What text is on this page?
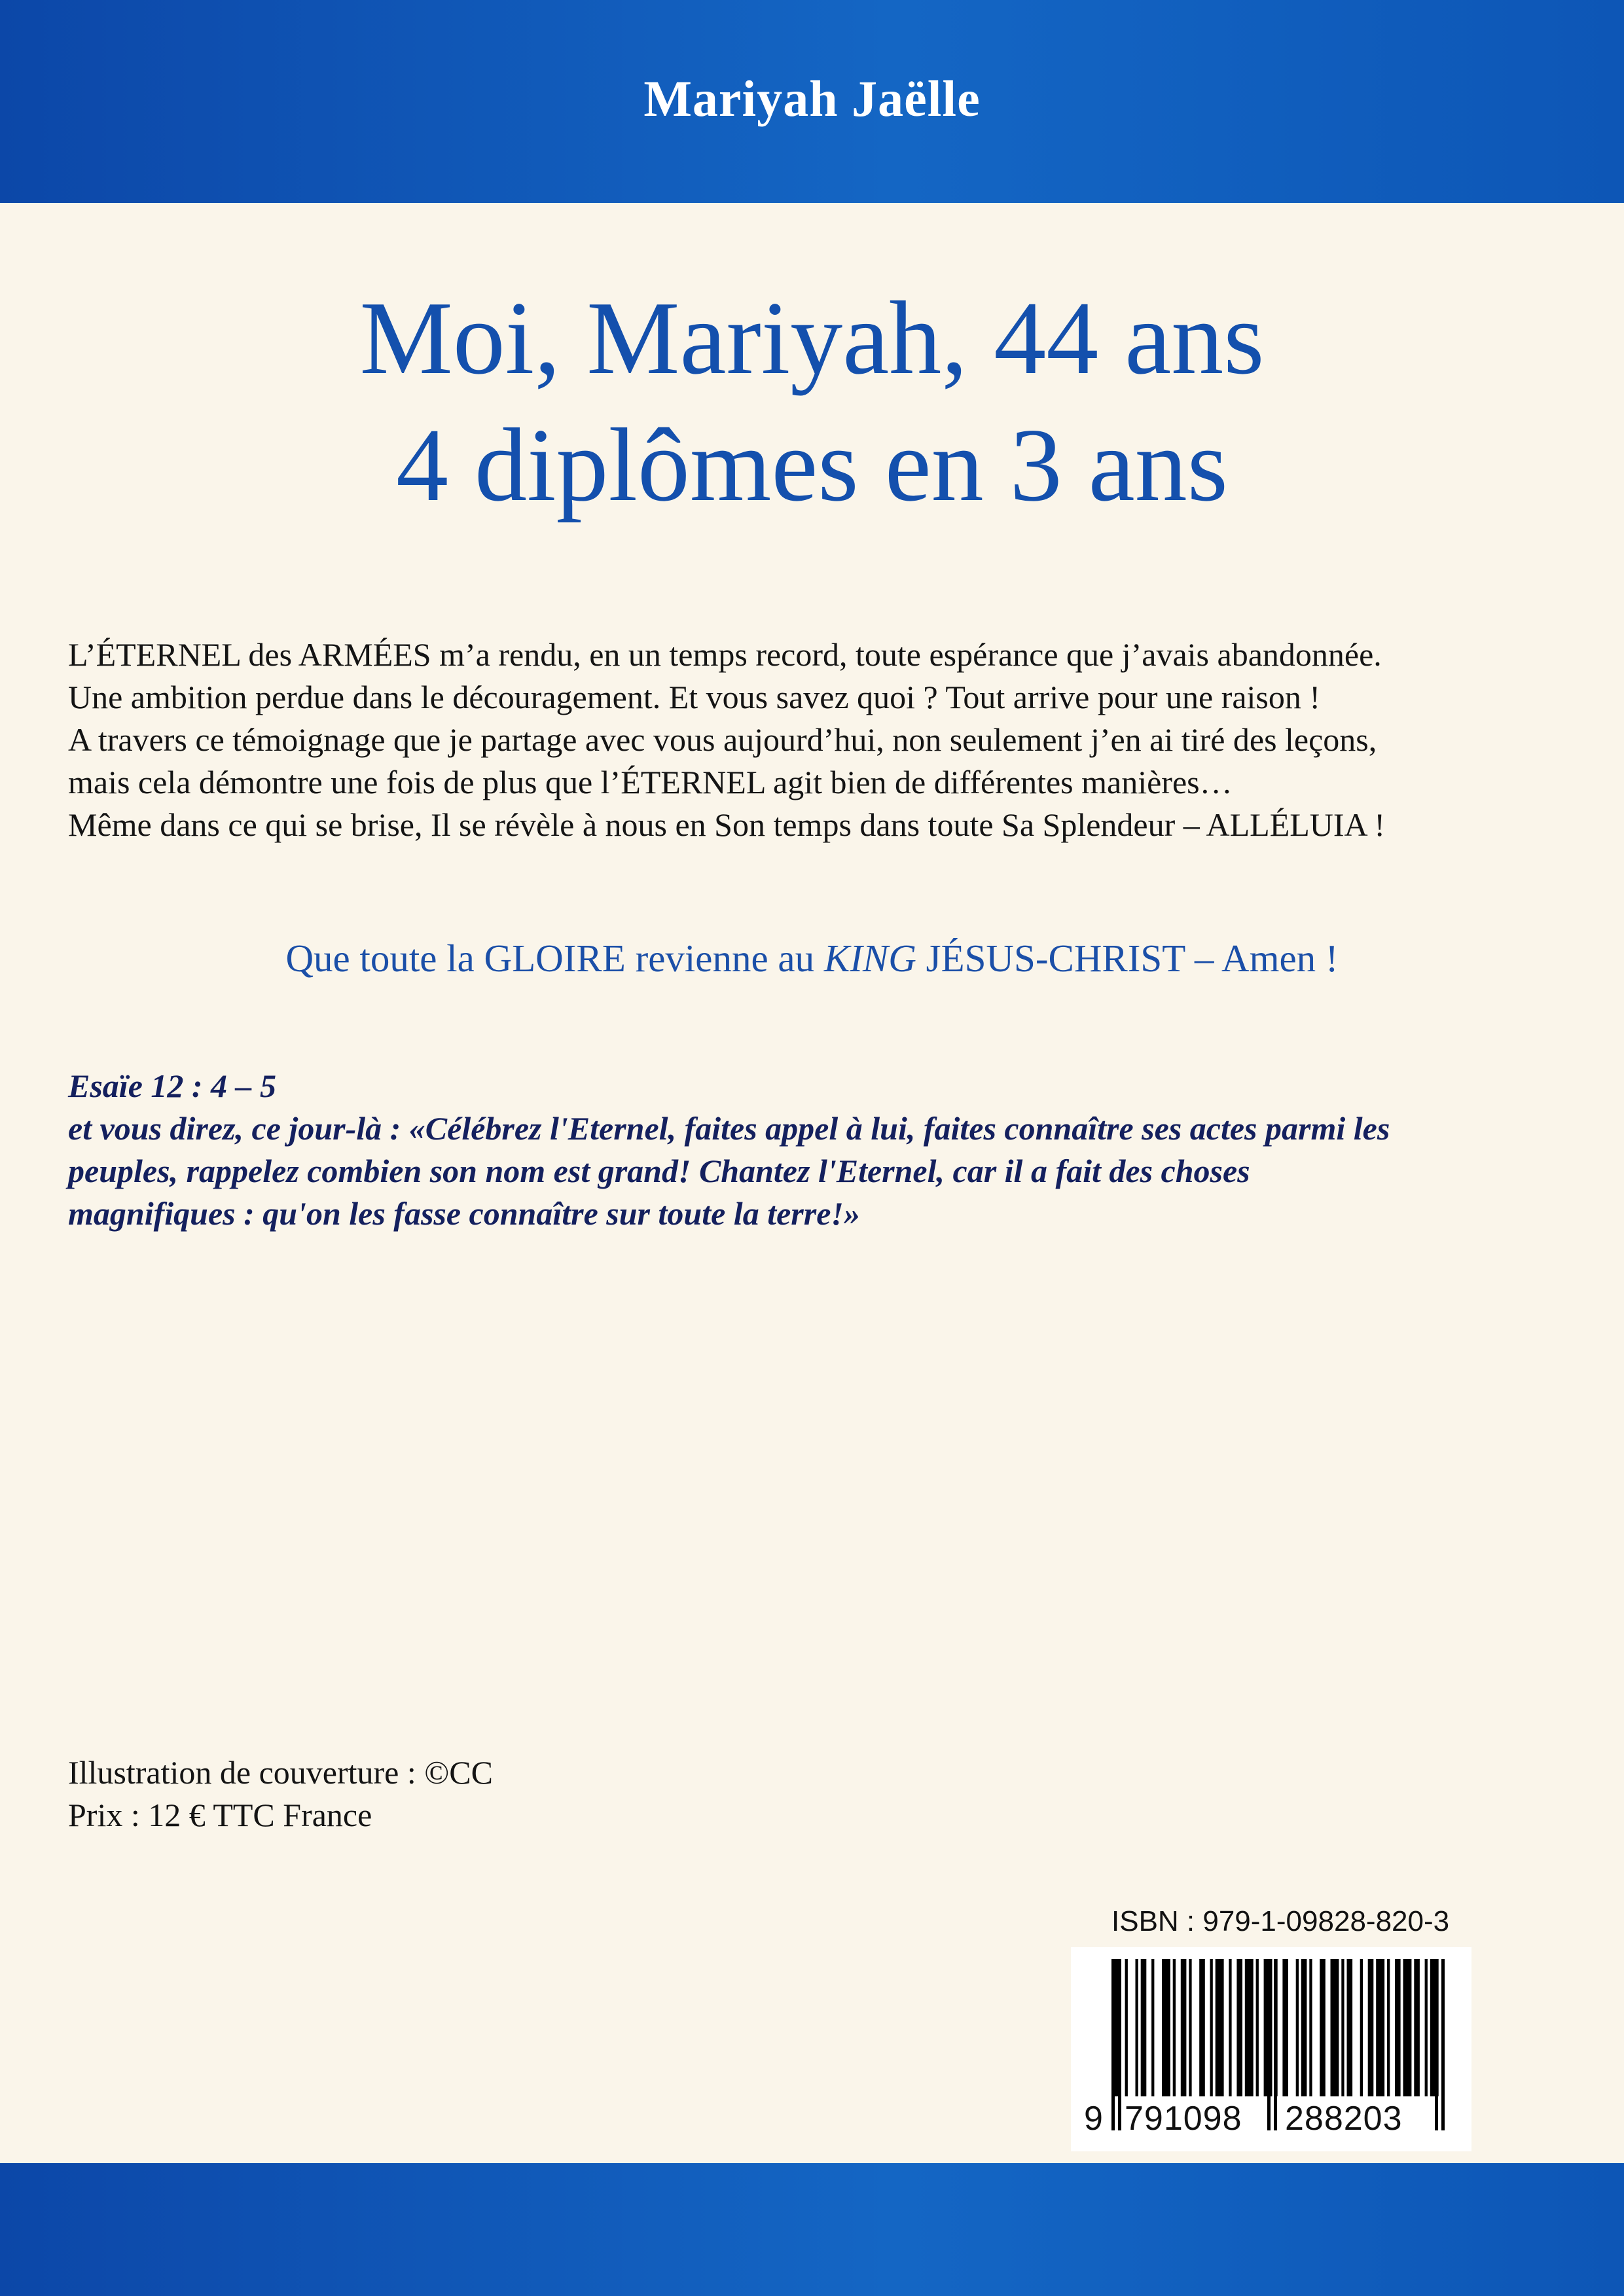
Mariyah Jaëlle
Moi, Mariyah, 44 ans
4 diplômes en 3 ans

L’ÉTERNEL des ARMÉES m’a rendu, en un temps record, toute espérance que j’avais abandonnée.

Une ambition perdue dans le découragement. Et vous savez quoi ? Tout arrive pour une raison !

A travers ce témoignage que je partage avec vous aujourd’hui, non seulement j’en ai tiré des leçons,

mais cela démontre une fois de plus que l’ÉTERNEL agit bien de différentes manières…

Même dans ce qui se brise, Il se révèle à nous en Son temps dans toute Sa Splendeur – ALLÉLUIA !

Que toute la GLOIRE revienne au KING JÉSUS-CHRIST – Amen !

Esaïe 12 : 4 – 5

et vous direz, ce jour-là : «Célébrez l'Eternel, faites appel à lui, faites connaître ses actes parmi les

peuples, rappelez combien son nom est grand! Chantez l'Eternel, car il a fait des choses

magnifiques : qu'on les fasse connaître sur toute la terre!»

Illustration de couverture : ©CC

Prix : 12 € TTC France

ISBN : 979-1-09828-820-3
9 791098 288203
